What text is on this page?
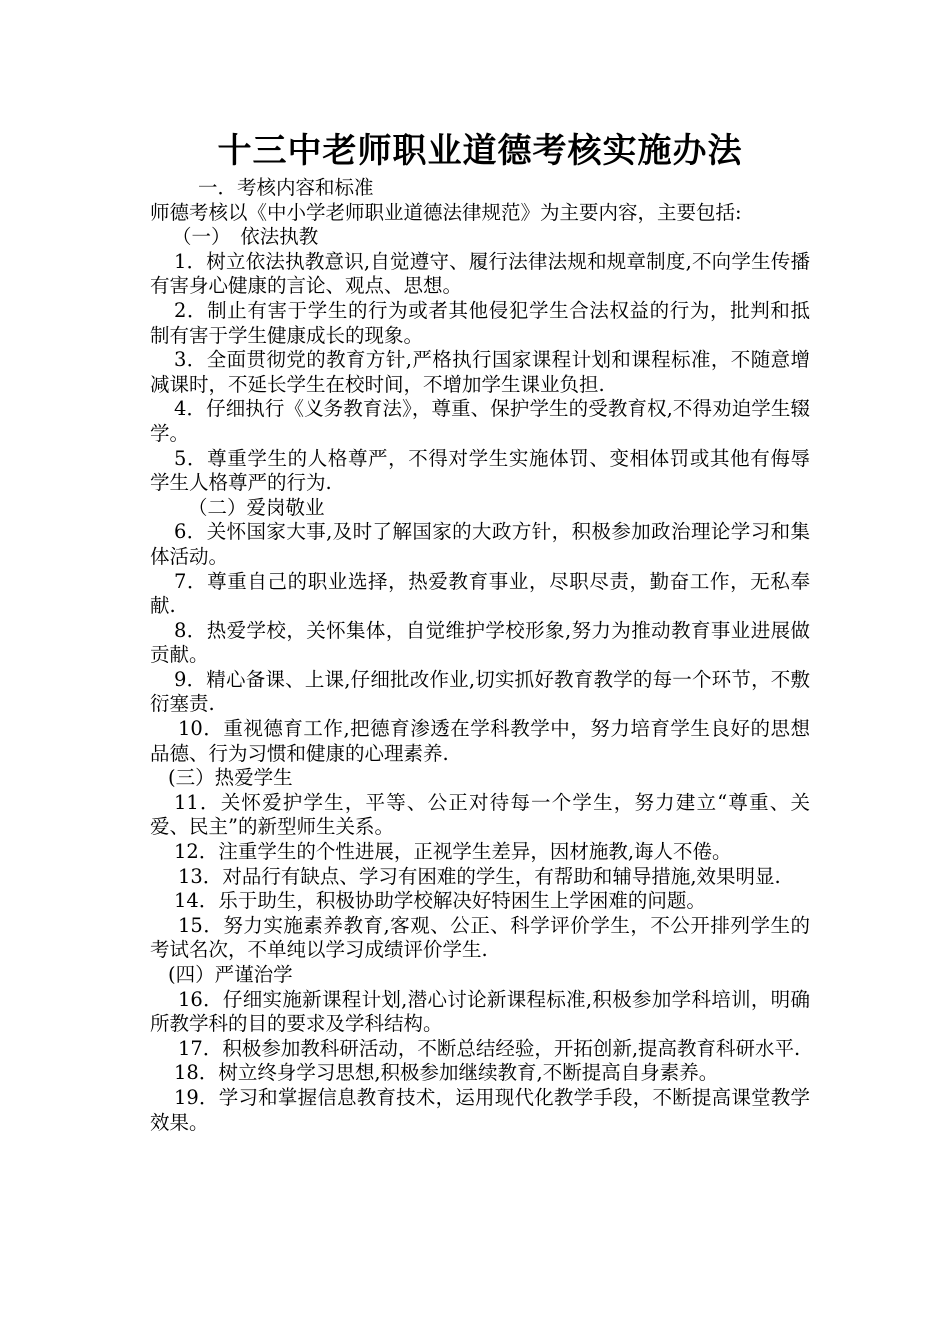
十三中老师职业道德考核实施办法

一．考核内容和标准

师德考核以《中小学老师职业道德法律规范》为主要内容，主要包括:

（一）　依法执教

1．树立依法执教意识,自觉遵守、履行法律法规和规章制度,不向学生传播有害身心健康的言论、观点、思想。

2．制止有害于学生的行为或者其他侵犯学生合法权益的行为，批判和抵制有害于学生健康成长的现象。

3．全面贯彻党的教育方针,严格执行国家课程计划和课程标准，不随意增减课时，不延长学生在校时间，不增加学生课业负担.

4．仔细执行《义务教育法》，尊重、保护学生的受教育权,不得劝迫学生辍学。

5．尊重学生的人格尊严，不得对学生实施体罚、变相体罚或其他有侮辱学生人格尊严的行为.

（二）爱岗敬业

6．关怀国家大事,及时了解国家的大政方针，积极参加政治理论学习和集体活动。

7．尊重自己的职业选择，热爱教育事业，尽职尽责，勤奋工作，无私奉献.

8．热爱学校，关怀集体，自觉维护学校形象,努力为推动教育事业进展做贡献。

9．精心备课、上课,仔细批改作业,切实抓好教育教学的每一个环节，不敷衍塞责.

10．重视德育工作,把德育渗透在学科教学中，努力培育学生良好的思想品德、行为习惯和健康的心理素养.

(三）热爱学生

11．关怀爱护学生，平等、公正对待每一个学生，努力建立“尊重、关爱、民主”的新型师生关系。

12．注重学生的个性进展，正视学生差异，因材施教,诲人不倦。

13．对品行有缺点、学习有困难的学生，有帮助和辅导措施,效果明显.

14．乐于助生，积极协助学校解决好特困生上学困难的问题。

15．努力实施素养教育,客观、公正、科学评价学生，不公开排列学生的考试名次，不单纯以学习成绩评价学生.

(四）严谨治学

16．仔细实施新课程计划,潜心讨论新课程标准,积极参加学科培训，明确所教学科的目的要求及学科结构。

17．积极参加教科研活动，不断总结经验，开拓创新,提高教育科研水平.

18．树立终身学习思想,积极参加继续教育,不断提高自身素养。

19．学习和掌握信息教育技术，运用现代化教学手段，不断提高课堂教学效果。
